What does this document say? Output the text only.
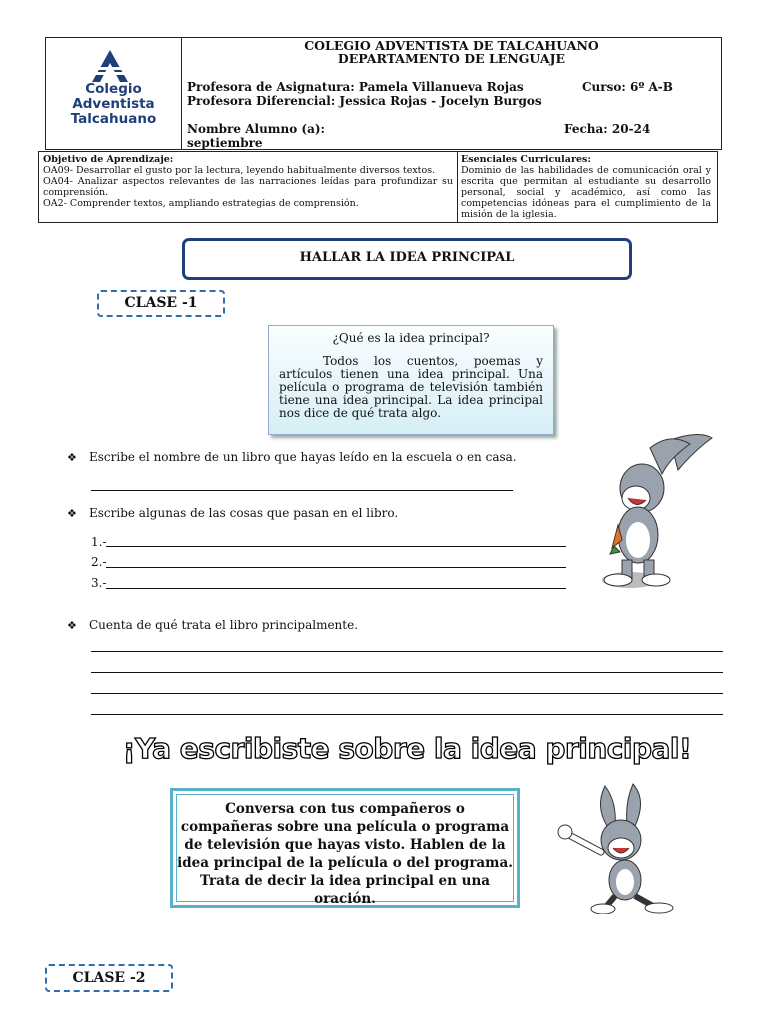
Colegio
Adventista
Talcahuano
COLEGIO ADVENTISTA DE TALCAHUANO
DEPARTAMENTO DE LENGUAJE
Profesora de Asignatura: Pamela Villanueva Rojas	Curso: 6º A-B
Profesora Diferencial: Jessica Rojas - Jocelyn Burgos
Nombre Alumno (a):	Fecha: 20-24
septiembre
Objetivo de Aprendizaje:
OA09- Desarrollar el gusto por la lectura, leyendo habitualmente diversos textos.
OA04- Analizar aspectos relevantes de las narraciones leídas para profundizar su comprensión.
OA2- Comprender textos, ampliando estrategias de comprensión.
Esenciales Curriculares:
Dominio de las habilidades de comunicación oral y escrita que permitan al estudiante su desarrollo personal, social y académico, así como las competencias idóneas para el cumplimiento de la misión de la iglesia.
HALLAR LA IDEA PRINCIPAL
CLASE -1
¿Qué es la idea principal?
Todos los cuentos, poemas y artículos tienen una idea principal. Una película o programa de televisión también tiene una idea principal. La idea principal nos dice de qué trata algo.
❖ Escribe el nombre de un libro que hayas leído en la escuela o en casa.
❖ Escribe algunas de las cosas que pasan en el libro.
1.-
2.-
3.-
❖ Cuenta de qué trata el libro principalmente.
¡Ya escribiste sobre la idea principal!
Conversa con tus compañeros o compañeras sobre una película o programa de televisión que hayas visto. Hablen de la idea principal de la película o del programa. Trata de decir la idea principal en una oración.
CLASE -2
